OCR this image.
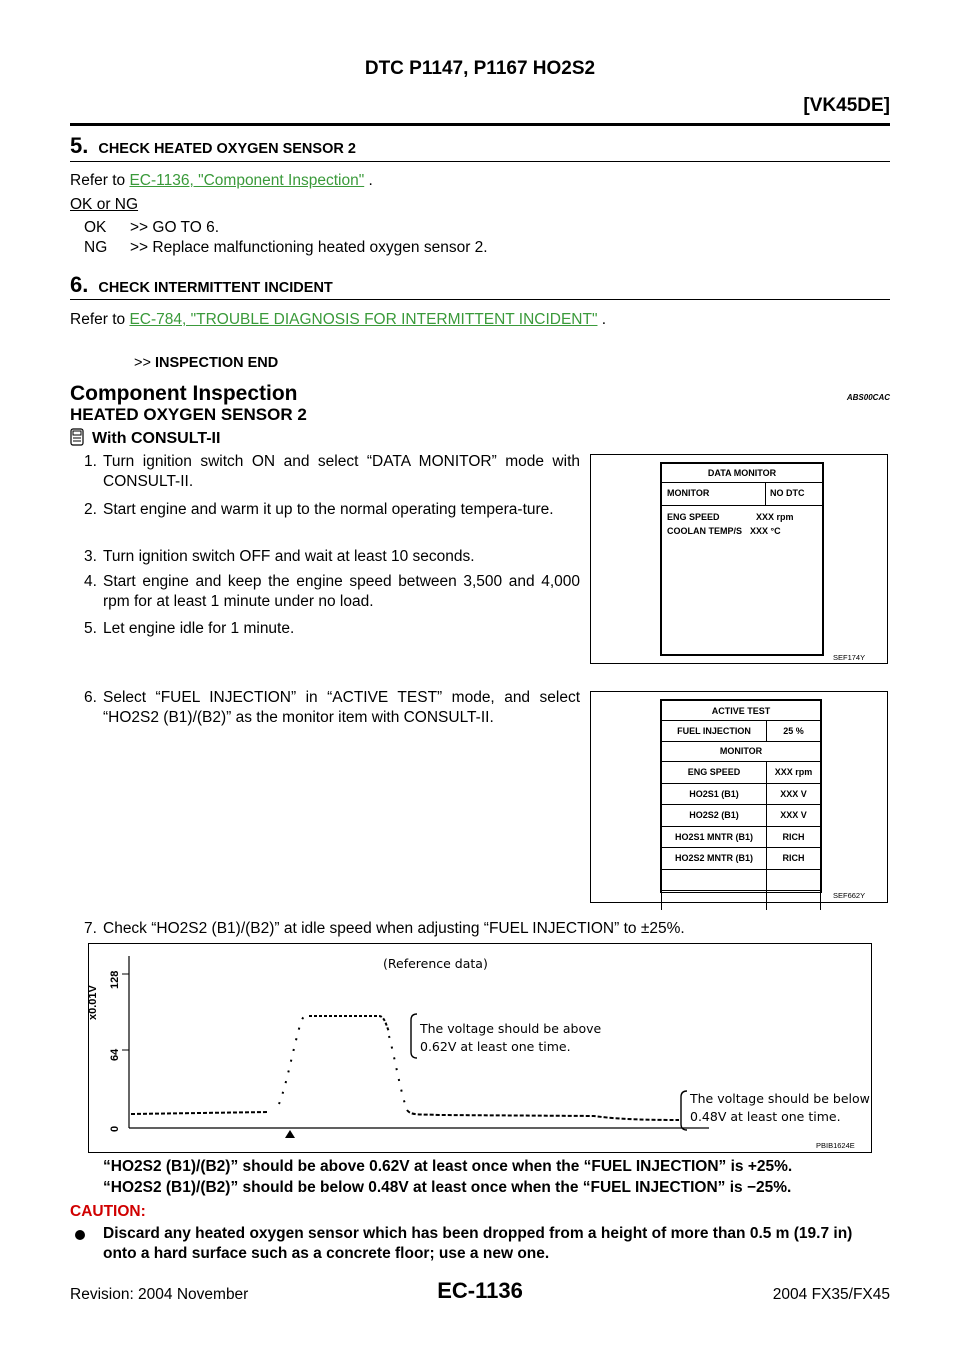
DTC P1147, P1167 HO2S2
[VK45DE]
5. CHECK HEATED OXYGEN SENSOR 2
Refer to EC-1136, "Component Inspection" .
OK or NG
OK >> GO TO 6.
NG >> Replace malfunctioning heated oxygen sensor 2.
6. CHECK INTERMITTENT INCIDENT
Refer to EC-784, "TROUBLE DIAGNOSIS FOR INTERMITTENT INCIDENT" .
>> INSPECTION END
Component Inspection	ABS00CAC
HEATED OXYGEN SENSOR 2
With CONSULT-II
1. Turn ignition switch ON and select “DATA MONITOR” mode with CONSULT-II.
2. Start engine and warm it up to the normal operating tempera-ture.
3. Turn ignition switch OFF and wait at least 10 seconds.
4. Start engine and keep the engine speed between 3,500 and 4,000 rpm for at least 1 minute under no load.
5. Let engine idle for 1 minute.
6. Select “FUEL INJECTION” in “ACTIVE TEST” mode, and select “HO2S2 (B1)/(B2)” as the monitor item with CONSULT-II.
7. Check “HO2S2 (B1)/(B2)” at idle speed when adjusting “FUEL INJECTION” to ±25%.
DATA MONITOR
MONITOR	NO DTC
ENG SPEED	XXX rpm
COOLAN TEMP/S XXX °C
SEF174Y
ACTIVE TEST	
FUEL INJECTION	25 %
MONITOR	
ENG SPEED	XXX rpm
HO2S1 (B1)	XXX V
HO2S2 (B1)	XXX V
HO2S1 MNTR (B1)	RICH
HO2S2 MNTR (B1)	RICH

SEF662Y
x0.01V
128
64
0
(Reference data)
The voltage should be above
0.62V at least one time.
The voltage should be below
0.48V at least one time.
PBIB1624E
“HO2S2 (B1)/(B2)” should be above 0.62V at least once when the “FUEL INJECTION” is +25%.
“HO2S2 (B1)/(B2)” should be below 0.48V at least once when the “FUEL INJECTION” is −25%.
CAUTION:
Discard any heated oxygen sensor which has been dropped from a height of more than 0.5 m (19.7 in) onto a hard surface such as a concrete floor; use a new one.
EC-1136
Revision: 2004 November	2004 FX35/FX45
